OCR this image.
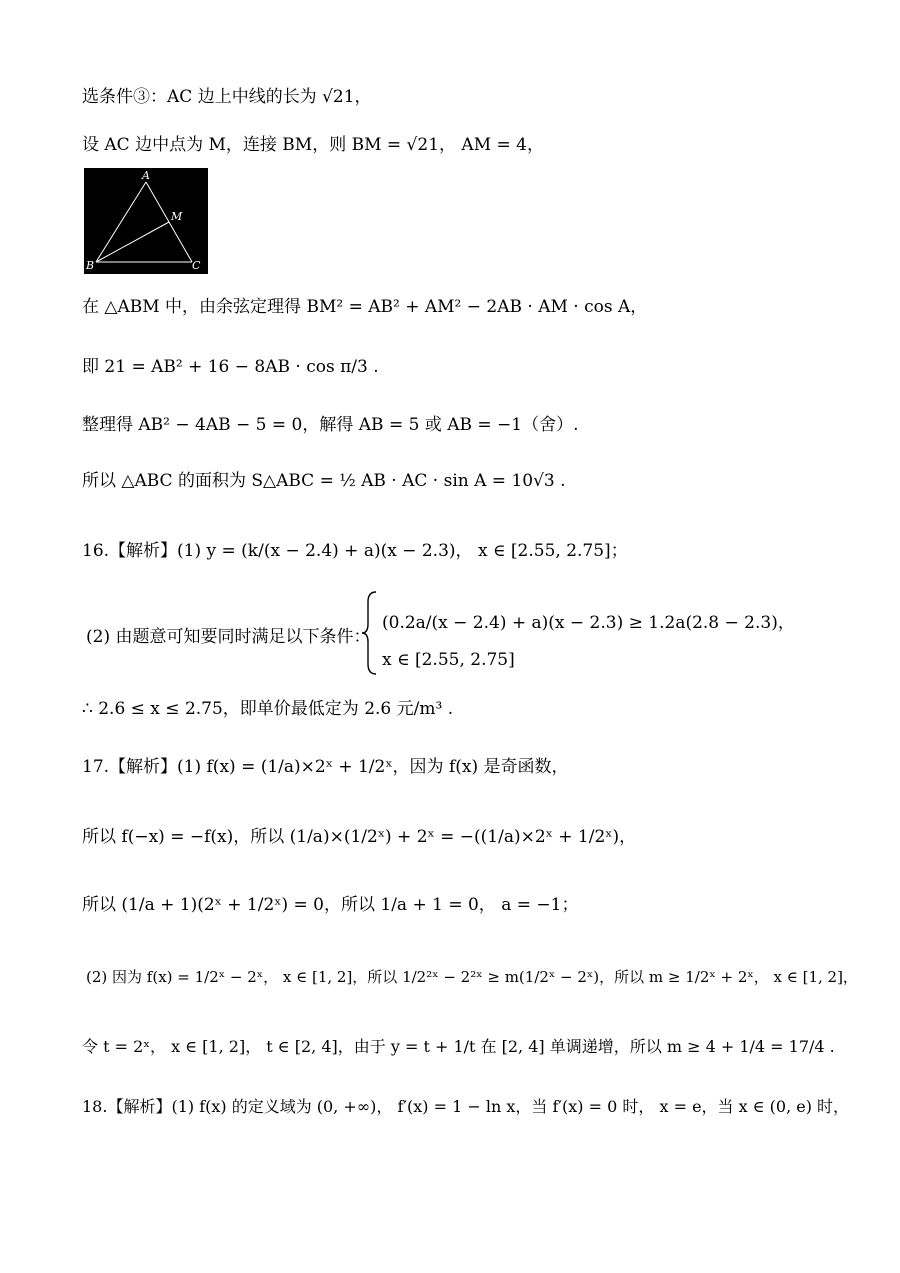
选条件③：AC 边上中线的长为 √21，
设 AC 边中点为 M，连接 BM，则 BM = √21， AM = 4，
A
B	C
M
在 △ABM 中，由余弦定理得 BM² = AB² + AM² − 2AB · AM · cos A，
即 21 = AB² + 16 − 8AB · cos π/3 .
整理得 AB² − 4AB − 5 = 0，解得 AB = 5 或 AB = −1（舍）.
所以 △ABC 的面积为 S△ABC = ½ AB · AC · sin A = 10√3 .
16.【解析】(1) y = (k/(x − 2.4) + a)(x − 2.3)， x ∈ [2.55, 2.75]；
(2) 由题意可知要同时满足以下条件：
(0.2a/(x − 2.4) + a)(x − 2.3) ≥ 1.2a(2.8 − 2.3)，
x ∈ [2.55, 2.75]
∴ 2.6 ≤ x ≤ 2.75，即单价最低定为 2.6 元/m³ .
17.【解析】(1) f(x) = (1/a)×2ˣ + 1/2ˣ，因为 f(x) 是奇函数，
所以 f(−x) = −f(x)，所以 (1/a)×(1/2ˣ) + 2ˣ = −((1/a)×2ˣ + 1/2ˣ)，
所以 (1/a + 1)(2ˣ + 1/2ˣ) = 0，所以 1/a + 1 = 0， a = −1；
(2) 因为 f(x) = 1/2ˣ − 2ˣ， x ∈ [1, 2]，所以 1/2²ˣ − 2²ˣ ≥ m(1/2ˣ − 2ˣ)，所以 m ≥ 1/2ˣ + 2ˣ， x ∈ [1, 2]，
令 t = 2ˣ， x ∈ [1, 2]， t ∈ [2, 4]，由于 y = t + 1/t 在 [2, 4] 单调递增，所以 m ≥ 4 + 1/4 = 17/4 .
18.【解析】(1) f(x) 的定义域为 (0, +∞)， f′(x) = 1 − ln x，当 f′(x) = 0 时， x = e，当 x ∈ (0, e) 时，
